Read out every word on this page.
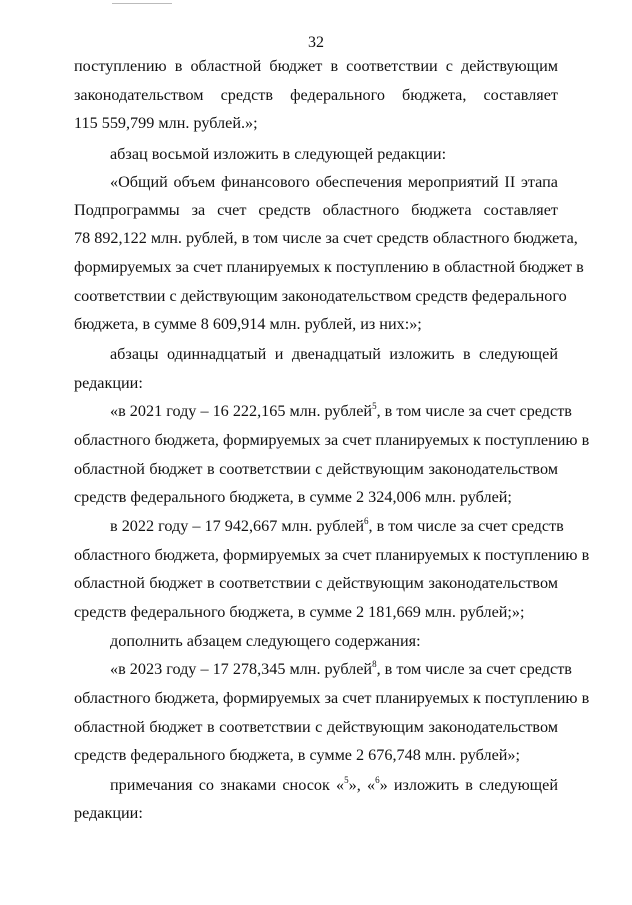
32
поступлению в областной бюджет в соответствии с действующим
законодательством средств федерального бюджета, составляет
115 559,799 млн. рублей.»;
абзац восьмой изложить в следующей редакции:
«Общий объем финансового обеспечения мероприятий II этапа
Подпрограммы за счет средств областного бюджета составляет
78 892,122 млн. рублей, в том числе за счет средств областного бюджета,
формируемых за счет планируемых к поступлению в областной бюджет в
соответствии с действующим законодательством средств федерального
бюджета, в сумме 8 609,914 млн. рублей, из них:»;
абзацы одиннадцатый и двенадцатый изложить в следующей
редакции:
«в 2021 году – 16 222,165 млн. рублей$^5$, в том числе за счет средств
областного бюджета, формируемых за счет планируемых к поступлению в
областной бюджет в соответствии с действующим законодательством
средств федерального бюджета, в сумме 2 324,006 млн. рублей;
в 2022 году – 17 942,667 млн. рублей$^6$, в том числе за счет средств
областного бюджета, формируемых за счет планируемых к поступлению в
областной бюджет в соответствии с действующим законодательством
средств федерального бюджета, в сумме 2 181,669 млн. рублей;»;
дополнить абзацем следующего содержания:
«в 2023 году – 17 278,345 млн. рублей$^8$, в том числе за счет средств
областного бюджета, формируемых за счет планируемых к поступлению в
областной бюджет в соответствии с действующим законодательством
средств федерального бюджета, в сумме 2 676,748 млн. рублей»;
примечания со знаками сносок «$^5$», «$^6$» изложить в следующей
редакции:
